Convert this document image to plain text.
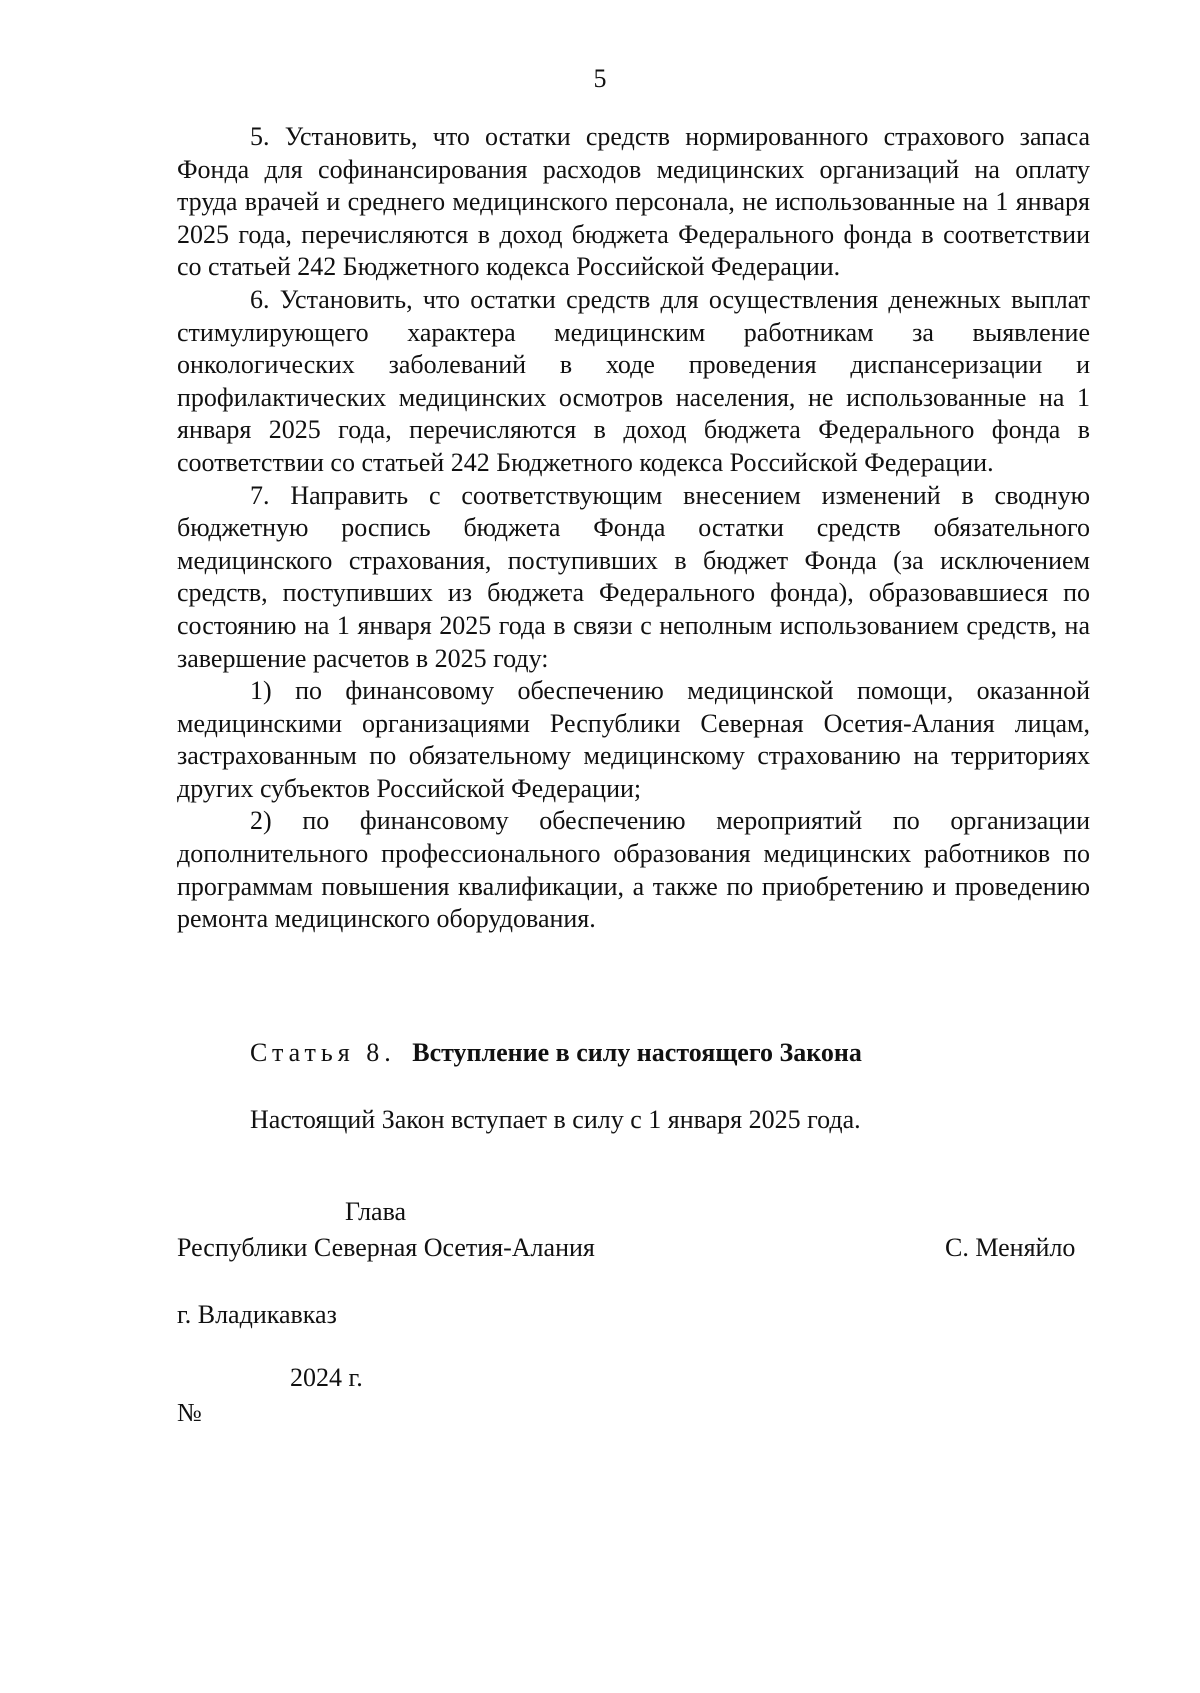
5

5. Установить, что остатки средств нормированного страхового запаса Фонда для софинансирования расходов медицинских организаций на оплату труда врачей и среднего медицинского персонала, не использованные на 1 января 2025 года, перечисляются в доход бюджета Федерального фонда в соответствии со статьей 242 Бюджетного кодекса Российской Федерации.

6. Установить, что остатки средств для осуществления денежных выплат стимулирующего характера медицинским работникам за выявление онкологических заболеваний в ходе проведения диспансеризации и профилактических медицинских осмотров населения, не использованные на 1 января 2025 года, перечисляются в доход бюджета Федерального фонда в соответствии со статьей 242 Бюджетного кодекса Российской Федерации.

7. Направить с соответствующим внесением изменений в сводную бюджетную роспись бюджета Фонда остатки средств обязательного медицинского страхования, поступивших в бюджет Фонда (за исключением средств, поступивших из бюджета Федерального фонда), образовавшиеся по состоянию на 1 января 2025 года в связи с неполным использованием средств, на завершение расчетов в 2025 году:

1) по финансовому обеспечению медицинской помощи, оказанной медицинскими организациями Республики Северная Осетия-Алания лицам, застрахованным по обязательному медицинскому страхованию на территориях других субъектов Российской Федерации;

2) по финансовому обеспечению мероприятий по организации дополнительного профессионального образования медицинских работников по программам повышения квалификации, а также по приобретению и проведению ремонта медицинского оборудования.

Статья 8. Вступление в силу настоящего Закона
Настоящий Закон вступает в силу с 1 января 2025 года.
Глава
Республики Северная Осетия-Алания	С. Меняйло
г. Владикавказ
2024 г.
№
